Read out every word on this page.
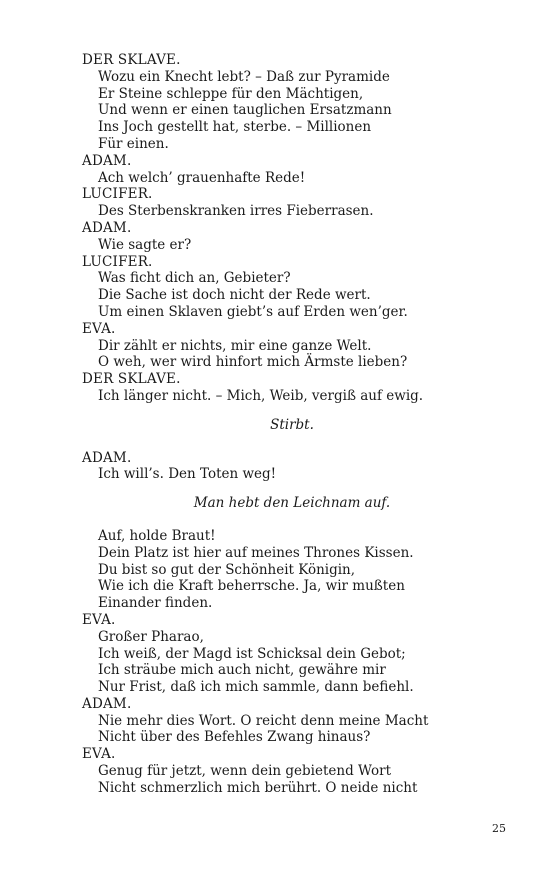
DER SKLAVE.
Wozu ein Knecht lebt? – Daß zur Pyramide
Er Steine schleppe für den Mächtigen,
Und wenn er einen tauglichen Ersatzmann
Ins Joch gestellt hat, sterbe. – Millionen
Für einen.
ADAM.
Ach welch’ grauenhafte Rede!
LUCIFER.
Des Sterbenskranken irres Fieberrasen.
ADAM.
Wie sagte er?
LUCIFER.
Was ficht dich an, Gebieter?
Die Sache ist doch nicht der Rede wert.
Um einen Sklaven giebt’s auf Erden wen’ger.
EVA.
Dir zählt er nichts, mir eine ganze Welt.
O weh, wer wird hinfort mich Ärmste lieben?
DER SKLAVE.
Ich länger nicht. – Mich, Weib, vergiß auf ewig.
Stirbt.
ADAM.
Ich will’s. Den Toten weg!
Man hebt den Leichnam auf.
Auf, holde Braut!
Dein Platz ist hier auf meines Thrones Kissen.
Du bist so gut der Schönheit Königin,
Wie ich die Kraft beherrsche. Ja, wir mußten
Einander finden.
EVA.
Großer Pharao,
Ich weiß, der Magd ist Schicksal dein Gebot;
Ich sträube mich auch nicht, gewähre mir
Nur Frist, daß ich mich sammle, dann befiehl.
ADAM.
Nie mehr dies Wort. O reicht denn meine Macht
Nicht über des Befehles Zwang hinaus?
EVA.
Genug für jetzt, wenn dein gebietend Wort
Nicht schmerzlich mich berührt. O neide nicht
25
